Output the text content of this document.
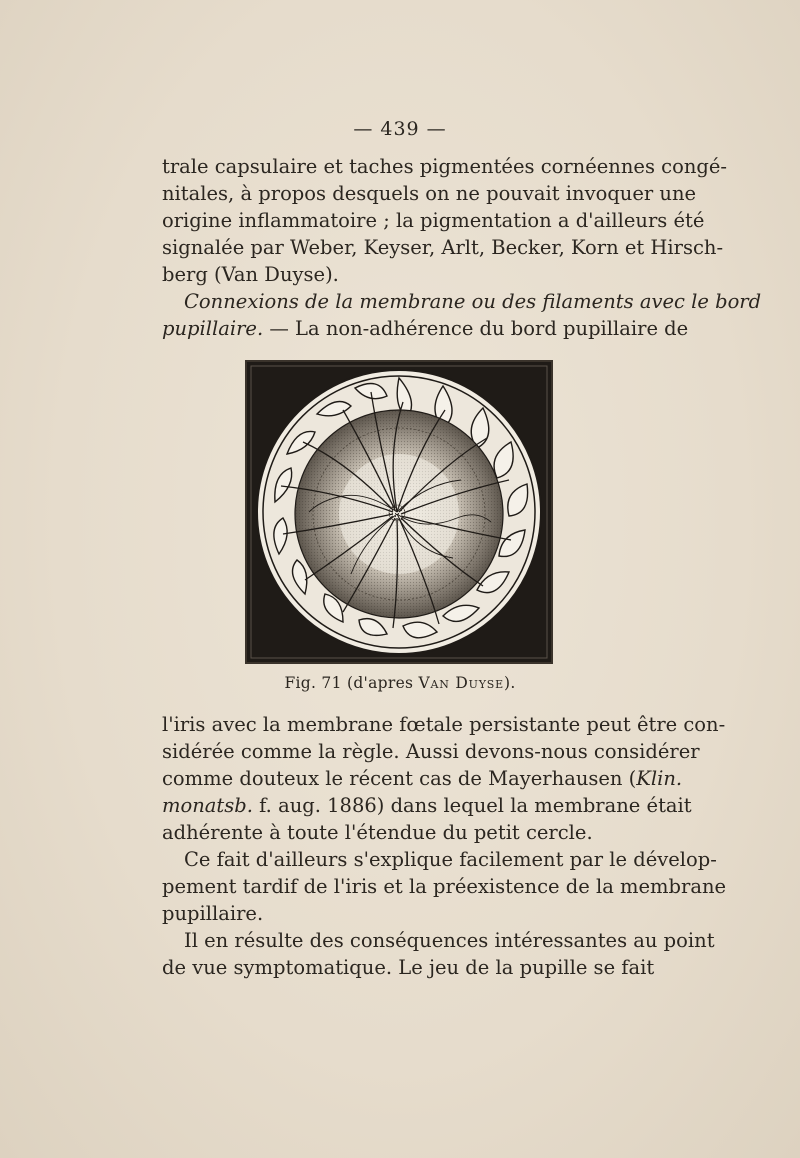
— 439 —
trale capsulaire et taches pigmentées cornéennes congé-
nitales, à propos desquels on ne pouvait invoquer une
origine inflammatoire ; la pigmentation a d'ailleurs été
signalée par Weber, Keyser, Arlt, Becker, Korn et Hirsch-
berg (Van Duyse).
Connexions de la membrane ou des filaments avec le bord
pupillaire. — La non-adhérence du bord pupillaire de
Fig. 71 (d'apres Van Duyse).
l'iris avec la membrane fœtale persistante peut être con-
sidérée comme la règle. Aussi devons-nous considérer
comme douteux le récent cas de Mayerhausen (Klin.
monatsb. f. aug. 1886) dans lequel la membrane était
adhérente à toute l'étendue du petit cercle.
Ce fait d'ailleurs s'explique facilement par le dévelop-
pement tardif de l'iris et la préexistence de la membrane
pupillaire.
Il en résulte des conséquences intéressantes au point
de vue symptomatique. Le jeu de la pupille se fait
